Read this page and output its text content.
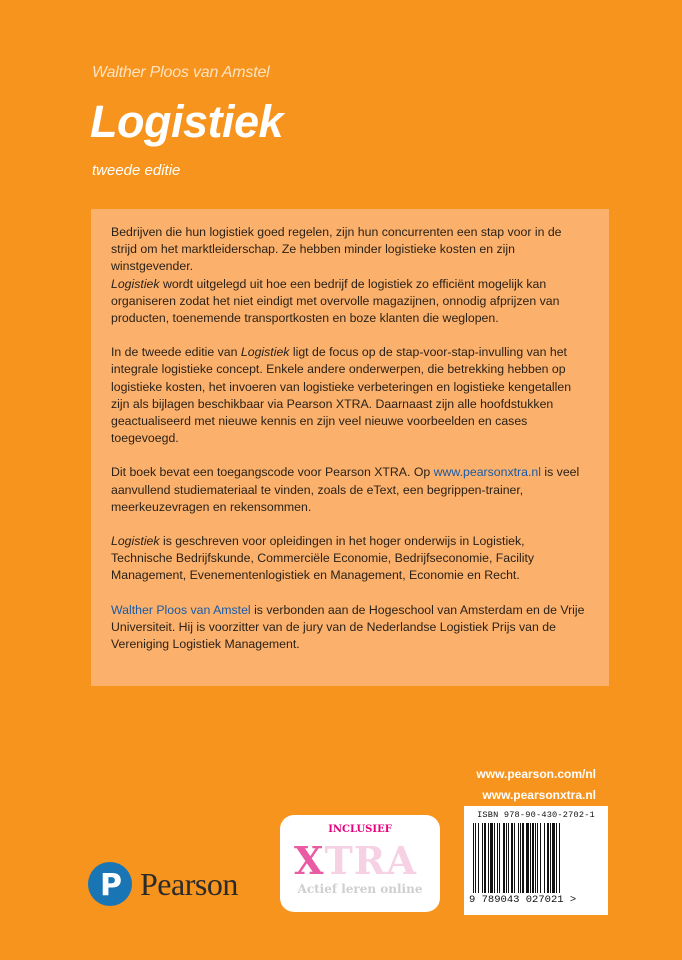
Walther Ploos van Amstel
Logistiek
tweede editie

Bedrijven die hun logistiek goed regelen, zijn hun concurrenten een stap voor in de strijd om het marktleiderschap. Ze hebben minder logistieke kosten en zijn winstgevender.

Logistiek wordt uitgelegd uit hoe een bedrijf de logistiek zo efficiënt mogelijk kan organiseren zodat het niet eindigt met overvolle magazijnen, onnodig afprijzen van producten, toenemende transportkosten en boze klanten die weglopen.

In de tweede editie van Logistiek ligt de focus op de stap-voor-stap-invulling van het integrale logistieke concept. Enkele andere onderwerpen, die betrekking hebben op logistieke kosten, het invoeren van logistieke verbeteringen en logistieke kengetallen zijn als bijlagen beschikbaar via Pearson XTRA. Daarnaast zijn alle hoofdstukken geactualiseerd met nieuwe kennis en zijn veel nieuwe voorbeelden en cases toegevoegd.

Dit boek bevat een toegangscode voor Pearson XTRA. Op www.pearsonxtra.nl is veel aanvullend studiemateriaal te vinden, zoals de eText, een begrippen-trainer, meerkeuzevragen en rekensommen.

Logistiek is geschreven voor opleidingen in het hoger onderwijs in Logistiek, Technische Bedrijfskunde, Commerciële Economie, Bedrijfseconomie, Facility Management, Evenementenlogistiek en Management, Economie en Recht.

Walther Ploos van Amstel is verbonden aan de Hogeschool van Amsterdam en de Vrije Universiteit. Hij is voorzitter van de jury van de Nederlandse Logistiek Prijs van de Vereniging Logistiek Management.

www.pearson.com/nl
www.pearsonxtra.nl
INCLUSIEF
XTRA
Actief leren online
ISBN 978-90-430-2702-1
9 789043 027021 >
P Pearson
